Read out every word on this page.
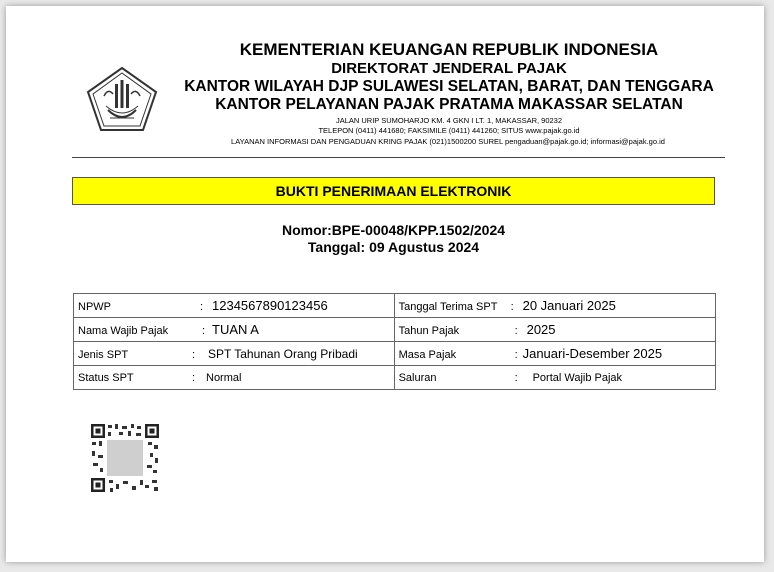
KEMENTERIAN KEUANGAN REPUBLIK INDONESIA
DIREKTORAT JENDERAL PAJAK
KANTOR WILAYAH DJP SULAWESI SELATAN, BARAT, DAN TENGGARA
KANTOR PELAYANAN PAJAK PRATAMA MAKASSAR SELATAN
JALAN URIP SUMOHARJO KM. 4 GKN I LT. 1, MAKASSAR, 90232
TELEPON (0411) 441680; FAKSIMILE (0411) 441260; SITUS www.pajak.go.id
LAYANAN INFORMASI DAN PENGADUAN KRING PAJAK (021)1500200 SUREL pengaduan@pajak.go.id; informasi@pajak.go.id
BUKTI PENERIMAAN ELEKTRONIK
Nomor:BPE-00048/KPP.1502/2024
Tanggal: 09 Agustus 2024
NPWP : 1234567890123456	Tanggal Terima SPT : 20 Januari 2025
Nama Wajib Pajak : TUAN A	Tahun Pajak : 2025
Jenis SPT : SPT Tahunan Orang Pribadi	Masa Pajak : Januari-Desember 2025
Status SPT : Normal	Saluran : Portal Wajib Pajak
